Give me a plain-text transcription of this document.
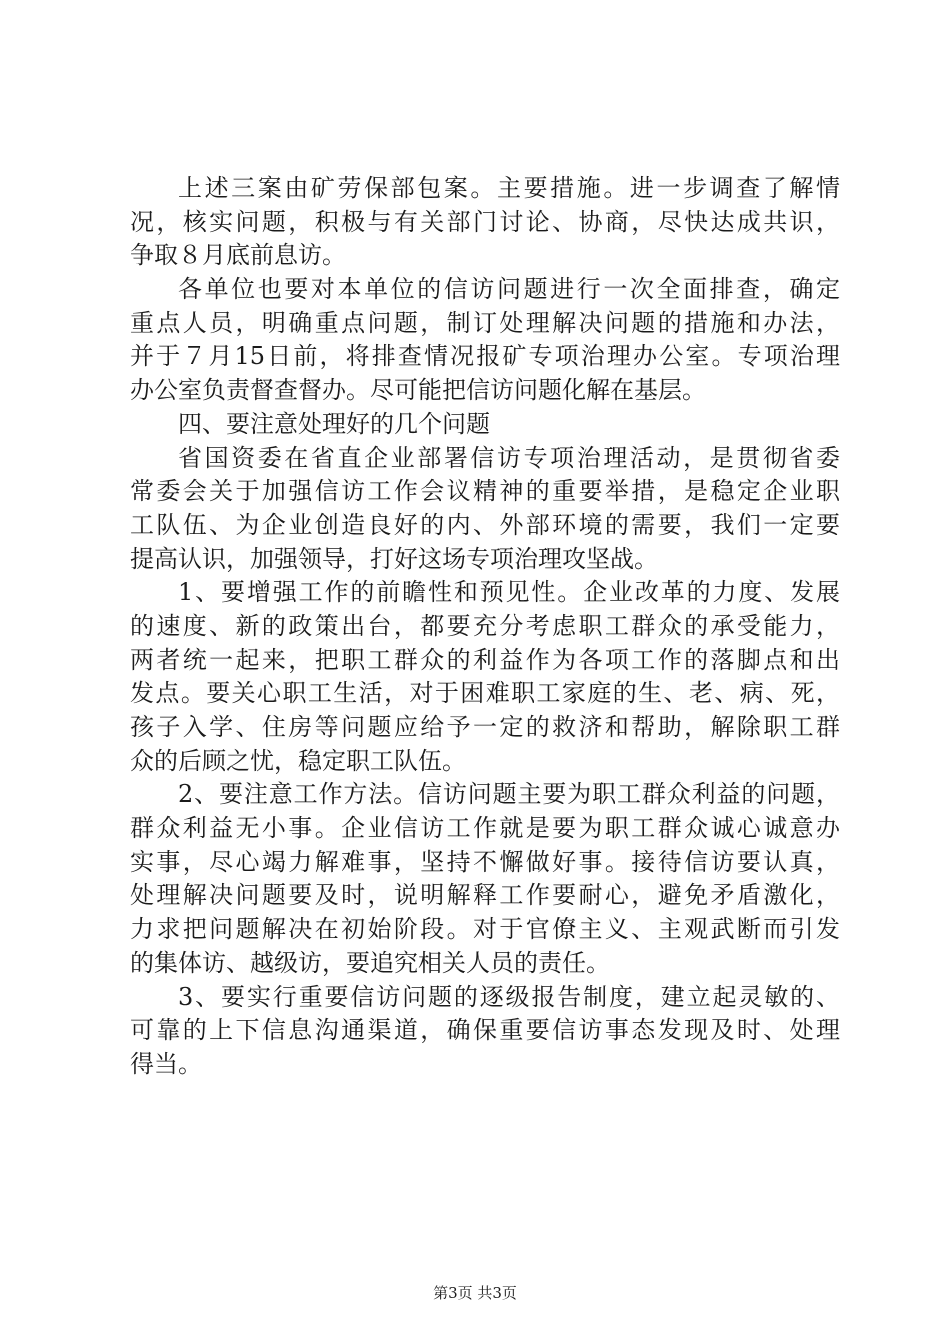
上述三案由矿劳保部包案。主要措施。进一步调查了解情
况，核实问题，积极与有关部门讨论、协商，尽快达成共识，
争取８月底前息访。
各单位也要对本单位的信访问题进行一次全面排查，确定
重点人员，明确重点问题，制订处理解决问题的措施和办法，
并于７月15日前，将排查情况报矿专项治理办公室。专项治理
办公室负责督查督办。尽可能把信访问题化解在基层。
四、要注意处理好的几个问题
省国资委在省直企业部署信访专项治理活动，是贯彻省委
常委会关于加强信访工作会议精神的重要举措，是稳定企业职
工队伍、为企业创造良好的内、外部环境的需要，我们一定要
提高认识，加强领导，打好这场专项治理攻坚战。
1、要增强工作的前瞻性和预见性。企业改革的力度、发展
的速度、新的政策出台，都要充分考虑职工群众的承受能力，
两者统一起来，把职工群众的利益作为各项工作的落脚点和出
发点。要关心职工生活，对于困难职工家庭的生、老、病、死，
孩子入学、住房等问题应给予一定的救济和帮助，解除职工群
众的后顾之忧，稳定职工队伍。
2、要注意工作方法。信访问题主要为职工群众利益的问题，
群众利益无小事。企业信访工作就是要为职工群众诚心诚意办
实事，尽心竭力解难事，坚持不懈做好事。接待信访要认真，
处理解决问题要及时，说明解释工作要耐心，避免矛盾激化，
力求把问题解决在初始阶段。对于官僚主义、主观武断而引发
的集体访、越级访，要追究相关人员的责任。
3、要实行重要信访问题的逐级报告制度，建立起灵敏的、
可靠的上下信息沟通渠道，确保重要信访事态发现及时、处理
得当。
第3页 共3页
